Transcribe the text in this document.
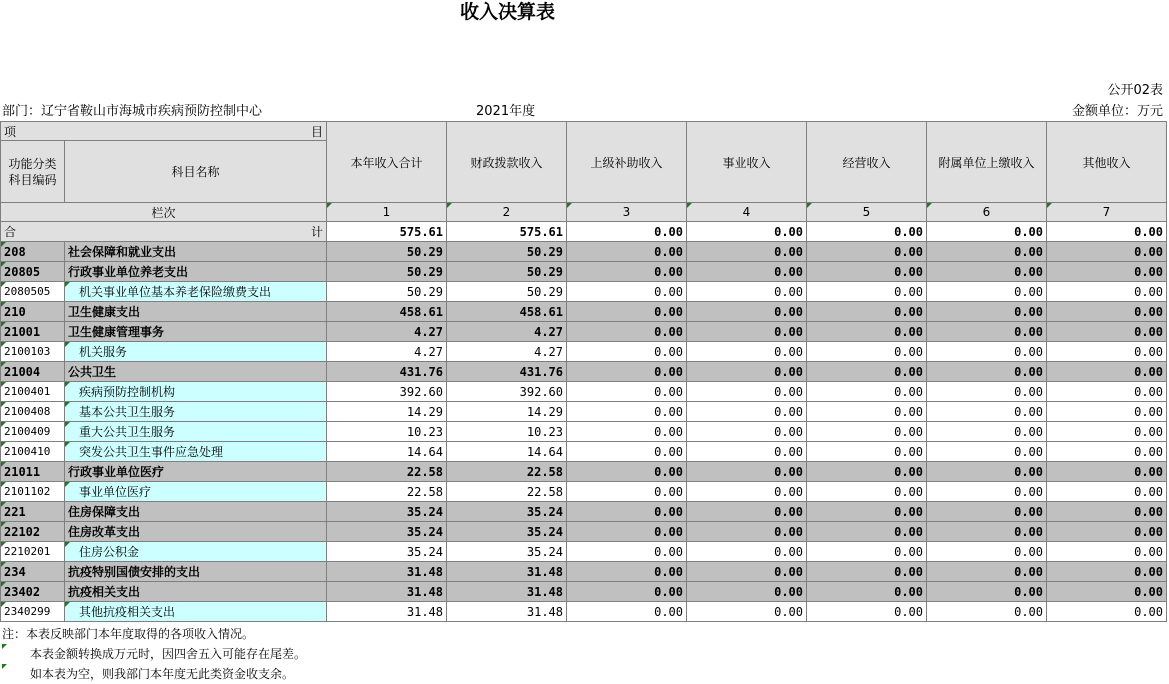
收入决算表
公开02表
部门：辽宁省鞍山市海城市疾病预防控制中心	2021年度	金额单位：万元
项 目		本年收入合计	财政拨款收入	上级补助收入	事业收入	经营收入	附属单位上缴收入	其他收入
功能分类科目编码	科目名称							
栏次		1	2	3	4	5	6	7

合 计		575.61	575.61	0.00	0.00	0.00	0.00	0.00
208	社会保障和就业支出	50.29	50.29	0.00	0.00	0.00	0.00	0.00
20805	行政事业单位养老支出	50.29	50.29	0.00	0.00	0.00	0.00	0.00
2080505	机关事业单位基本养老保险缴费支出	50.29	50.29	0.00	0.00	0.00	0.00	0.00
210	卫生健康支出	458.61	458.61	0.00	0.00	0.00	0.00	0.00
21001	卫生健康管理事务	4.27	4.27	0.00	0.00	0.00	0.00	0.00
2100103	机关服务	4.27	4.27	0.00	0.00	0.00	0.00	0.00
21004	公共卫生	431.76	431.76	0.00	0.00	0.00	0.00	0.00
2100401	疾病预防控制机构	392.60	392.60	0.00	0.00	0.00	0.00	0.00
2100408	基本公共卫生服务	14.29	14.29	0.00	0.00	0.00	0.00	0.00
2100409	重大公共卫生服务	10.23	10.23	0.00	0.00	0.00	0.00	0.00
2100410	突发公共卫生事件应急处理	14.64	14.64	0.00	0.00	0.00	0.00	0.00
21011	行政事业单位医疗	22.58	22.58	0.00	0.00	0.00	0.00	0.00
2101102	事业单位医疗	22.58	22.58	0.00	0.00	0.00	0.00	0.00
221	住房保障支出	35.24	35.24	0.00	0.00	0.00	0.00	0.00
22102	住房改革支出	35.24	35.24	0.00	0.00	0.00	0.00	0.00
2210201	住房公积金	35.24	35.24	0.00	0.00	0.00	0.00	0.00
234	抗疫特别国债安排的支出	31.48	31.48	0.00	0.00	0.00	0.00	0.00
23402	抗疫相关支出	31.48	31.48	0.00	0.00	0.00	0.00	0.00
2340299	其他抗疫相关支出	31.48	31.48	0.00	0.00	0.00	0.00	0.00
注：本表反映部门本年度取得的各项收入情况。
本表金额转换成万元时，因四舍五入可能存在尾差。
如本表为空，则我部门本年度无此类资金收支余。
